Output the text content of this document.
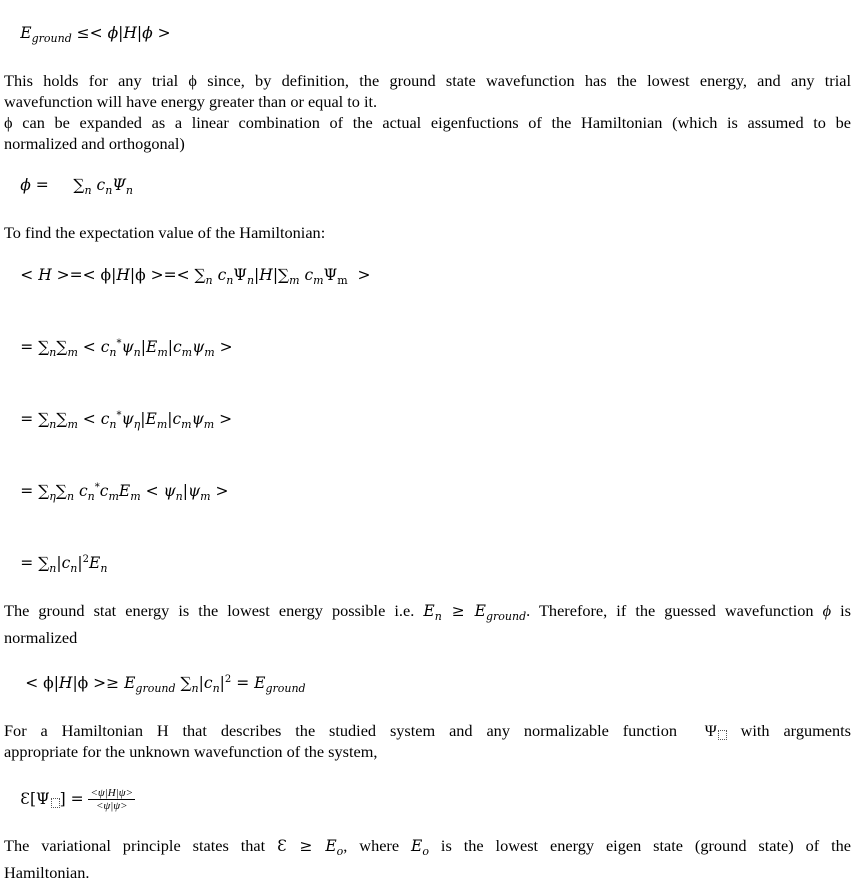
$E_{ground} \le< \phi|H|\phi$ >

This holds for any trial ϕ since, by definition, the ground state wavefunction has the lowest energy, and any trial
wavefunction will have energy greater than or equal to it.
ϕ can be expanded as a linear combination of the actual eigenfuctions of the Hamiltonian (which is assumed to be
normalized and orthogonal)

ϕ =     $\sum_n$ $c_n\Psi_n$

To find the expectation value of the Hamiltonian:

< H >=< ϕ|H|ϕ >=< $\sum_n$ $c_n\Psi_n|H|\sum_m$ $c_m\Psi_m$  >

= $\sum_n\sum_m < c_n^*\psi_n|E_m|c_m\psi_m$ >

= $\sum_n\sum_m < c_n^*\psi_\eta|E_m|c_m\psi_m$ >

= $\sum_\eta\sum_n$ $c_n^*c_mE_m < \psi_n|\psi_m$ >

= $\sum_n|c_n|^2E_n$

The ground stat energy is the lowest energy possible i.e. $E_n \ge E_{ground}$. Therefore, if the guessed wavefunction ϕ is
normalized

< $\phi|H|\phi >\ge E_{ground}$ $\sum_n|c_n|^2 = E_{ground}$

For a Hamiltonian H that describes the studied system and any normalizable function  Ψ with arguments
appropriate for the unknown wavefunction of the system,

Ɛ[Ψ ] = $\frac{<\psi|H|\psi>}{<\psi|\psi>}$

The variational principle states that Ɛ ≥ $E_o$, where $E_o$ is the lowest energy eigen state (ground state) of the
Hamiltonian.
